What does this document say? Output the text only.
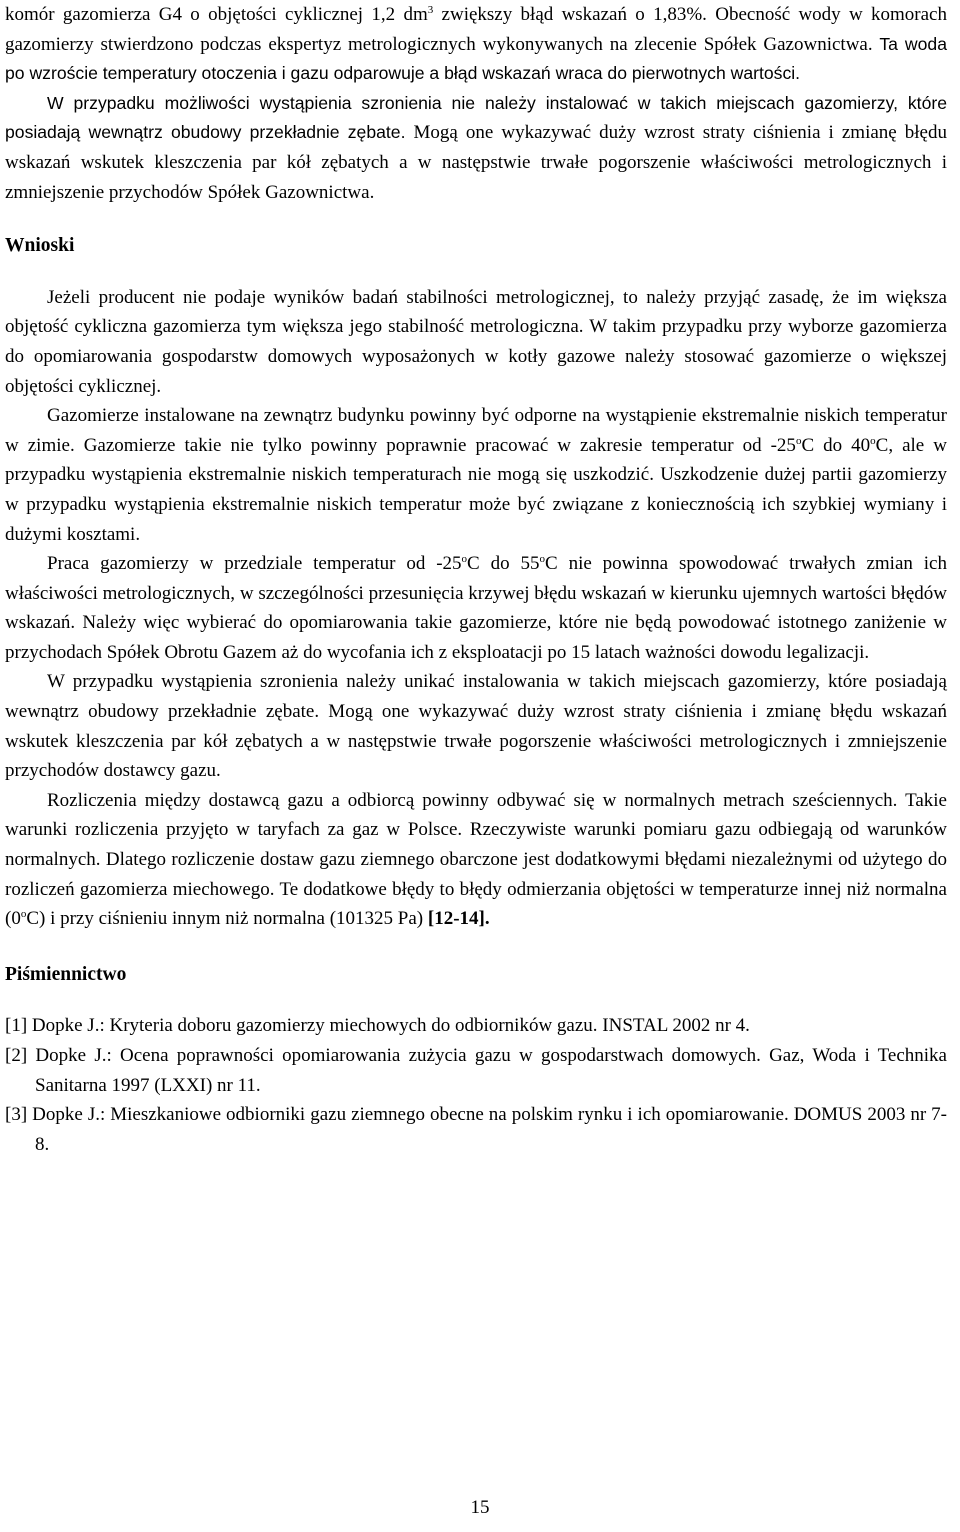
komór gazomierza G4 o objętości cyklicznej 1,2 $dm^3$ zwiększy błąd wskazań o 1,83%. Obecność wody w komorach gazomierzy stwierdzono podczas ekspertyz metrologicznych wykonywanych na zlecenie Spółek Gazownictwa. Ta woda po wzroście temperatury otoczenia i gazu odparowuje a błąd wskazań wraca do pierwotnych wartości.

W przypadku możliwości wystąpienia szronienia nie należy instalować w takich miejscach gazomierzy, które posiadają wewnątrz obudowy przekładnie zębate. Mogą one wykazywać duży wzrost straty ciśnienia i zmianę błędu wskazań wskutek kleszczenia par kół zębatych a w następstwie trwałe pogorszenie właściwości metrologicznych i zmniejszenie przychodów Spółek Gazownictwa.

Wnioski

Jeżeli producent nie podaje wyników badań stabilności metrologicznej, to należy przyjąć zasadę, że im większa objętość cykliczna gazomierza tym większa jego stabilność metrologiczna. W takim przypadku przy wyborze gazomierza do opomiarowania gospodarstw domowych wyposażonych w kotły gazowe należy stosować gazomierze o większej objętości cyklicznej.

Gazomierze instalowane na zewnątrz budynku powinny być odporne na wystąpienie ekstremalnie niskich temperatur w zimie. Gazomierze takie nie tylko powinny poprawnie pracować w zakresie temperatur od -25$^o$C do 40$^o$C, ale w przypadku wystąpienia ekstremalnie niskich temperaturach nie mogą się uszkodzić. Uszkodzenie dużej partii gazomierzy w przypadku wystąpienia ekstremalnie niskich temperatur może być związane z koniecznością ich szybkiej wymiany i dużymi kosztami.

Praca gazomierzy w przedziale temperatur od -25$^o$C do 55$^o$C nie powinna spowodować trwałych zmian ich właściwości metrologicznych, w szczególności przesunięcia krzywej błędu wskazań w kierunku ujemnych wartości błędów wskazań. Należy więc wybierać do opomiarowania takie gazomierze, które nie będą powodować istotnego zaniżenie w przychodach Spółek Obrotu Gazem aż do wycofania ich z eksploatacji po 15 latach ważności dowodu legalizacji.

W przypadku wystąpienia szronienia należy unikać instalowania w takich miejscach gazomierzy, które posiadają wewnątrz obudowy przekładnie zębate. Mogą one wykazywać duży wzrost straty ciśnienia i zmianę błędu wskazań wskutek kleszczenia par kół zębatych a w następstwie trwałe pogorszenie właściwości metrologicznych i zmniejszenie przychodów dostawcy gazu.

Rozliczenia między dostawcą gazu a odbiorcą powinny odbywać się w normalnych metrach sześciennych. Takie warunki rozliczenia przyjęto w taryfach za gaz w Polsce. Rzeczywiste warunki pomiaru gazu odbiegają od warunków normalnych. Dlatego rozliczenie dostaw gazu ziemnego obarczone jest dodatkowymi błędami niezależnymi od użytego do rozliczeń gazomierza miechowego. Te dodatkowe błędy to błędy odmierzania objętości w temperaturze innej niż normalna (0$^o$C) i przy ciśnieniu innym niż normalna (101325 Pa) [12-14].

Piśmiennictwo
[1] Dopke J.: Kryteria doboru gazomierzy miechowych do odbiorników gazu. INSTAL 2002 nr 4.
[2] Dopke J.: Ocena poprawności opomiarowania zużycia gazu w gospodarstwach domowych. Gaz, Woda i Technika Sanitarna 1997 (LXXI) nr 11.
[3] Dopke J.: Mieszkaniowe odbiorniki gazu ziemnego obecne na polskim rynku i ich opomiarowanie. DOMUS 2003 nr 7-8.
15
